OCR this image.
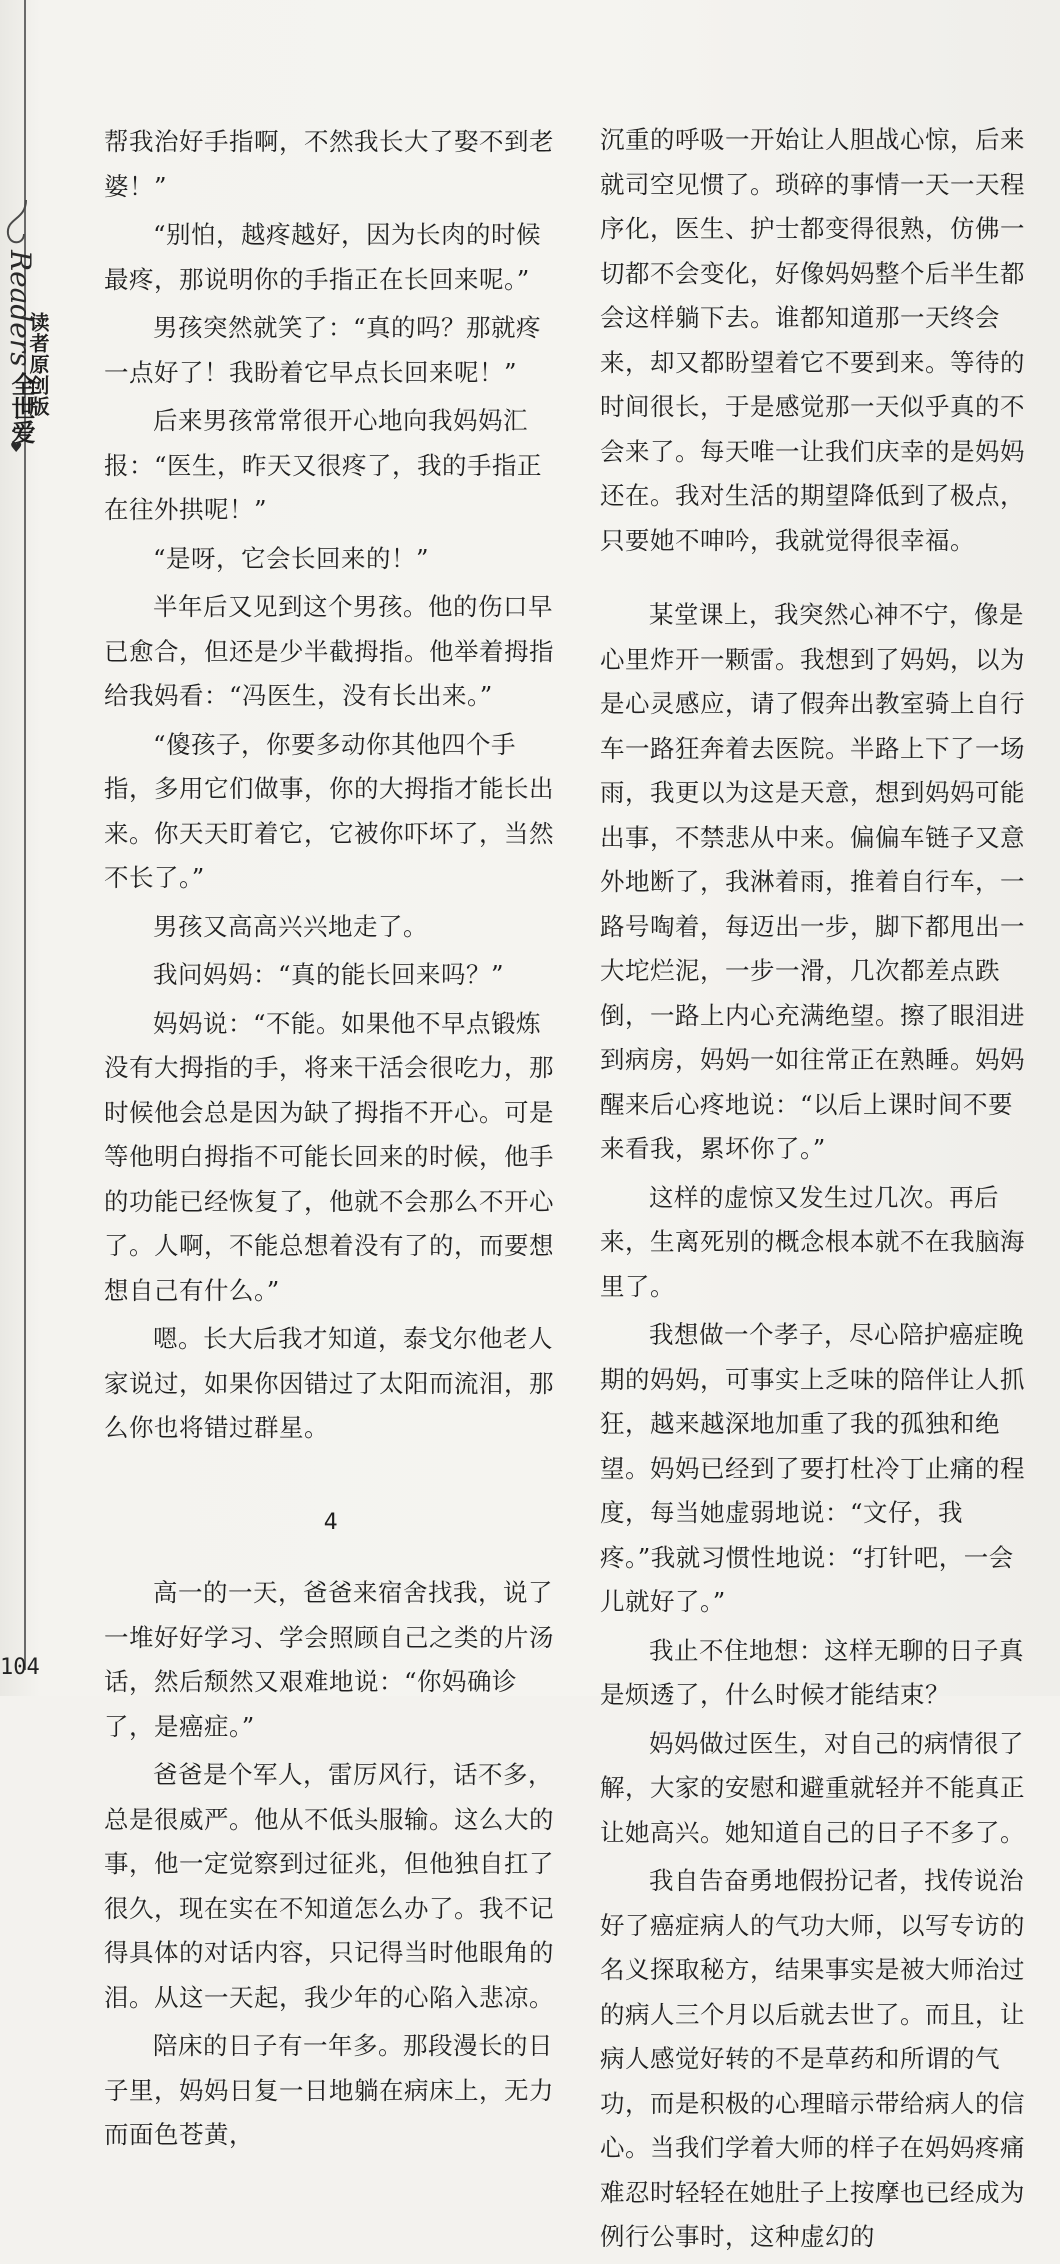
Readers
读者原创版
全世爱
♥

帮我治好手指啊，不然我长大了娶不到老婆！”

“别怕，越疼越好，因为长肉的时候最疼，那说明你的手指正在长回来呢。”

男孩突然就笑了：“真的吗？那就疼一点好了！我盼着它早点长回来呢！”

后来男孩常常很开心地向我妈妈汇报：“医生，昨天又很疼了，我的手指正在往外拱呢！”

“是呀，它会长回来的！”

半年后又见到这个男孩。他的伤口早已愈合，但还是少半截拇指。他举着拇指给我妈看：“冯医生，没有长出来。”

“傻孩子，你要多动你其他四个手指，多用它们做事，你的大拇指才能长出来。你天天盯着它，它被你吓坏了，当然不长了。”

男孩又高高兴兴地走了。

我问妈妈：“真的能长回来吗？”

妈妈说：“不能。如果他不早点锻炼没有大拇指的手，将来干活会很吃力，那时候他会总是因为缺了拇指不开心。可是等他明白拇指不可能长回来的时候，他手的功能已经恢复了，他就不会那么不开心了。人啊，不能总想着没有了的，而要想想自己有什么。”

嗯。长大后我才知道，泰戈尔他老人家说过，如果你因错过了太阳而流泪，那么你也将错过群星。

4

高一的一天，爸爸来宿舍找我，说了一堆好好学习、学会照顾自己之类的片汤话，然后颓然又艰难地说：“你妈确诊了，是癌症。”

爸爸是个军人，雷厉风行，话不多，总是很威严。他从不低头服输。这么大的事，他一定觉察到过征兆，但他独自扛了很久，现在实在不知道怎么办了。我不记得具体的对话内容，只记得当时他眼角的泪。从这一天起，我少年的心陷入悲凉。

陪床的日子有一年多。那段漫长的日子里，妈妈日复一日地躺在病床上，无力而面色苍黄，

沉重的呼吸一开始让人胆战心惊，后来就司空见惯了。琐碎的事情一天一天程序化，医生、护士都变得很熟，仿佛一切都不会变化，好像妈妈整个后半生都会这样躺下去。谁都知道那一天终会来，却又都盼望着它不要到来。等待的时间很长，于是感觉那一天似乎真的不会来了。每天唯一让我们庆幸的是妈妈还在。我对生活的期望降低到了极点，只要她不呻吟，我就觉得很幸福。

某堂课上，我突然心神不宁，像是心里炸开一颗雷。我想到了妈妈，以为是心灵感应，请了假奔出教室骑上自行车一路狂奔着去医院。半路上下了一场雨，我更以为这是天意，想到妈妈可能出事，不禁悲从中来。偏偏车链子又意外地断了，我淋着雨，推着自行车，一路号啕着，每迈出一步，脚下都甩出一大坨烂泥，一步一滑，几次都差点跌倒，一路上内心充满绝望。擦了眼泪进到病房，妈妈一如往常正在熟睡。妈妈醒来后心疼地说：“以后上课时间不要来看我，累坏你了。”

这样的虚惊又发生过几次。再后来，生离死别的概念根本就不在我脑海里了。

我想做一个孝子，尽心陪护癌症晚期的妈妈，可事实上乏味的陪伴让人抓狂，越来越深地加重了我的孤独和绝望。妈妈已经到了要打杜冷丁止痛的程度，每当她虚弱地说：“文仔，我疼。”我就习惯性地说：“打针吧，一会儿就好了。”

我止不住地想：这样无聊的日子真是烦透了，什么时候才能结束？

妈妈做过医生，对自己的病情很了解，大家的安慰和避重就轻并不能真正让她高兴。她知道自己的日子不多了。

我自告奋勇地假扮记者，找传说治好了癌症病人的气功大师，以写专访的名义探取秘方，结果事实是被大师治过的病人三个月以后就去世了。而且，让病人感觉好转的不是草药和所谓的气功，而是积极的心理暗示带给病人的信心。当我们学着大师的样子在妈妈疼痛难忍时轻轻在她肚子上按摩也已经成为例行公事时，这种虚幻的

104
